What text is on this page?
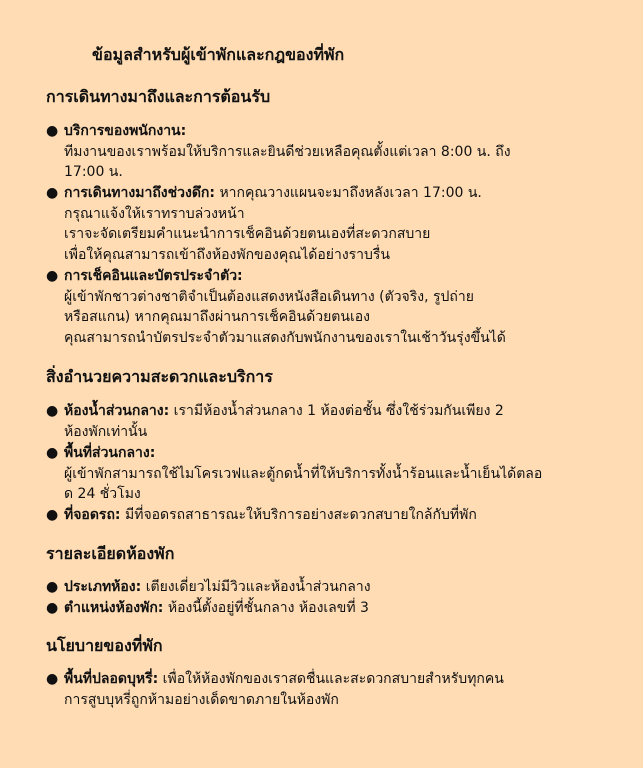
ข้อมูลสำหรับผู้เข้าพักและกฎของที่พัก
การเดินทางมาถึงและการต้อนรับ
● บริการของพนักงาน:
ทีมงานของเราพร้อมให้บริการและยินดีช่วยเหลือคุณตั้งแต่เวลา 8:00 น. ถึง
17:00 น.
● การเดินทางมาถึงช่วงดึก: หากคุณวางแผนจะมาถึงหลังเวลา 17:00 น.
กรุณาแจ้งให้เราทราบล่วงหน้า
เราจะจัดเตรียมคำแนะนำการเช็คอินด้วยตนเองที่สะดวกสบาย
เพื่อให้คุณสามารถเข้าถึงห้องพักของคุณได้อย่างราบรื่น
● การเช็คอินและบัตรประจำตัว:
ผู้เข้าพักชาวต่างชาติจำเป็นต้องแสดงหนังสือเดินทาง (ตัวจริง, รูปถ่าย
หรือสแกน) หากคุณมาถึงผ่านการเช็คอินด้วยตนเอง
คุณสามารถนำบัตรประจำตัวมาแสดงกับพนักงานของเราในเช้าวันรุ่งขึ้นได้
สิ่งอำนวยความสะดวกและบริการ
● ห้องน้ำส่วนกลาง: เรามีห้องน้ำส่วนกลาง 1 ห้องต่อชั้น ซึ่งใช้ร่วมกันเพียง 2
ห้องพักเท่านั้น
● พื้นที่ส่วนกลาง:
ผู้เข้าพักสามารถใช้ไมโครเวฟและตู้กดน้ำที่ให้บริการทั้งน้ำร้อนและน้ำเย็นได้ตลอ
ด 24 ชั่วโมง
● ที่จอดรถ: มีที่จอดรถสาธารณะให้บริการอย่างสะดวกสบายใกล้กับที่พัก
รายละเอียดห้องพัก
● ประเภทห้อง: เตียงเดี่ยวไม่มีวิวและห้องน้ำส่วนกลาง
● ตำแหน่งห้องพัก: ห้องนี้ตั้งอยู่ที่ชั้นกลาง ห้องเลขที่ 3
นโยบายของที่พัก
● พื้นที่ปลอดบุหรี่: เพื่อให้ห้องพักของเราสดชื่นและสะดวกสบายสำหรับทุกคน
การสูบบุหรี่ถูกห้ามอย่างเด็ดขาดภายในห้องพัก
